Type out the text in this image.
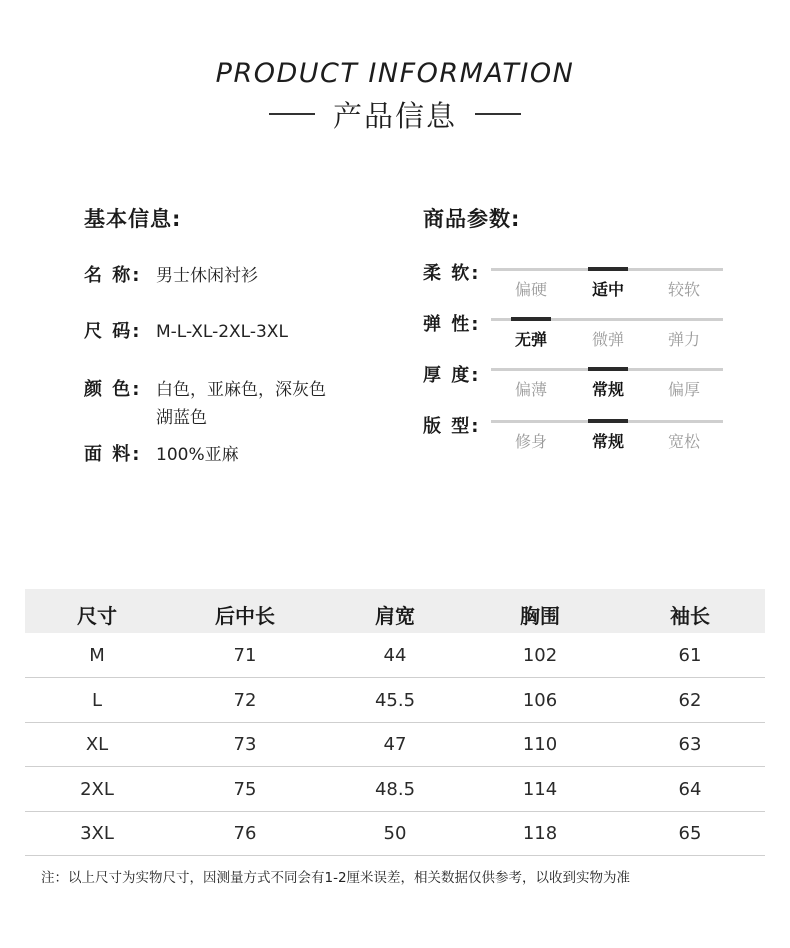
PRODUCT INFORMATION
产品信息
基本信息:
名 称: 男士休闲衬衫
尺 码: M-L-XL-2XL-3XL
颜 色: 白色，亚麻色，深灰色
湖蓝色
面 料: 100%亚麻
商品参数:
柔 软:
偏硬	适中	较软
弹 性:
无弹	微弹	弹力
厚 度:
偏薄	常规	偏厚
版 型:
修身	常规	宽松
尺寸	后中长	肩宽	胸围	袖长
M	71	44	102	61
L	72	45.5	106	62
XL	73	47	110	63
2XL	75	48.5	114	64
3XL	76	50	118	65
注：以上尺寸为实物尺寸，因测量方式不同会有1-2厘米误差，相关数据仅供参考，以收到实物为准
